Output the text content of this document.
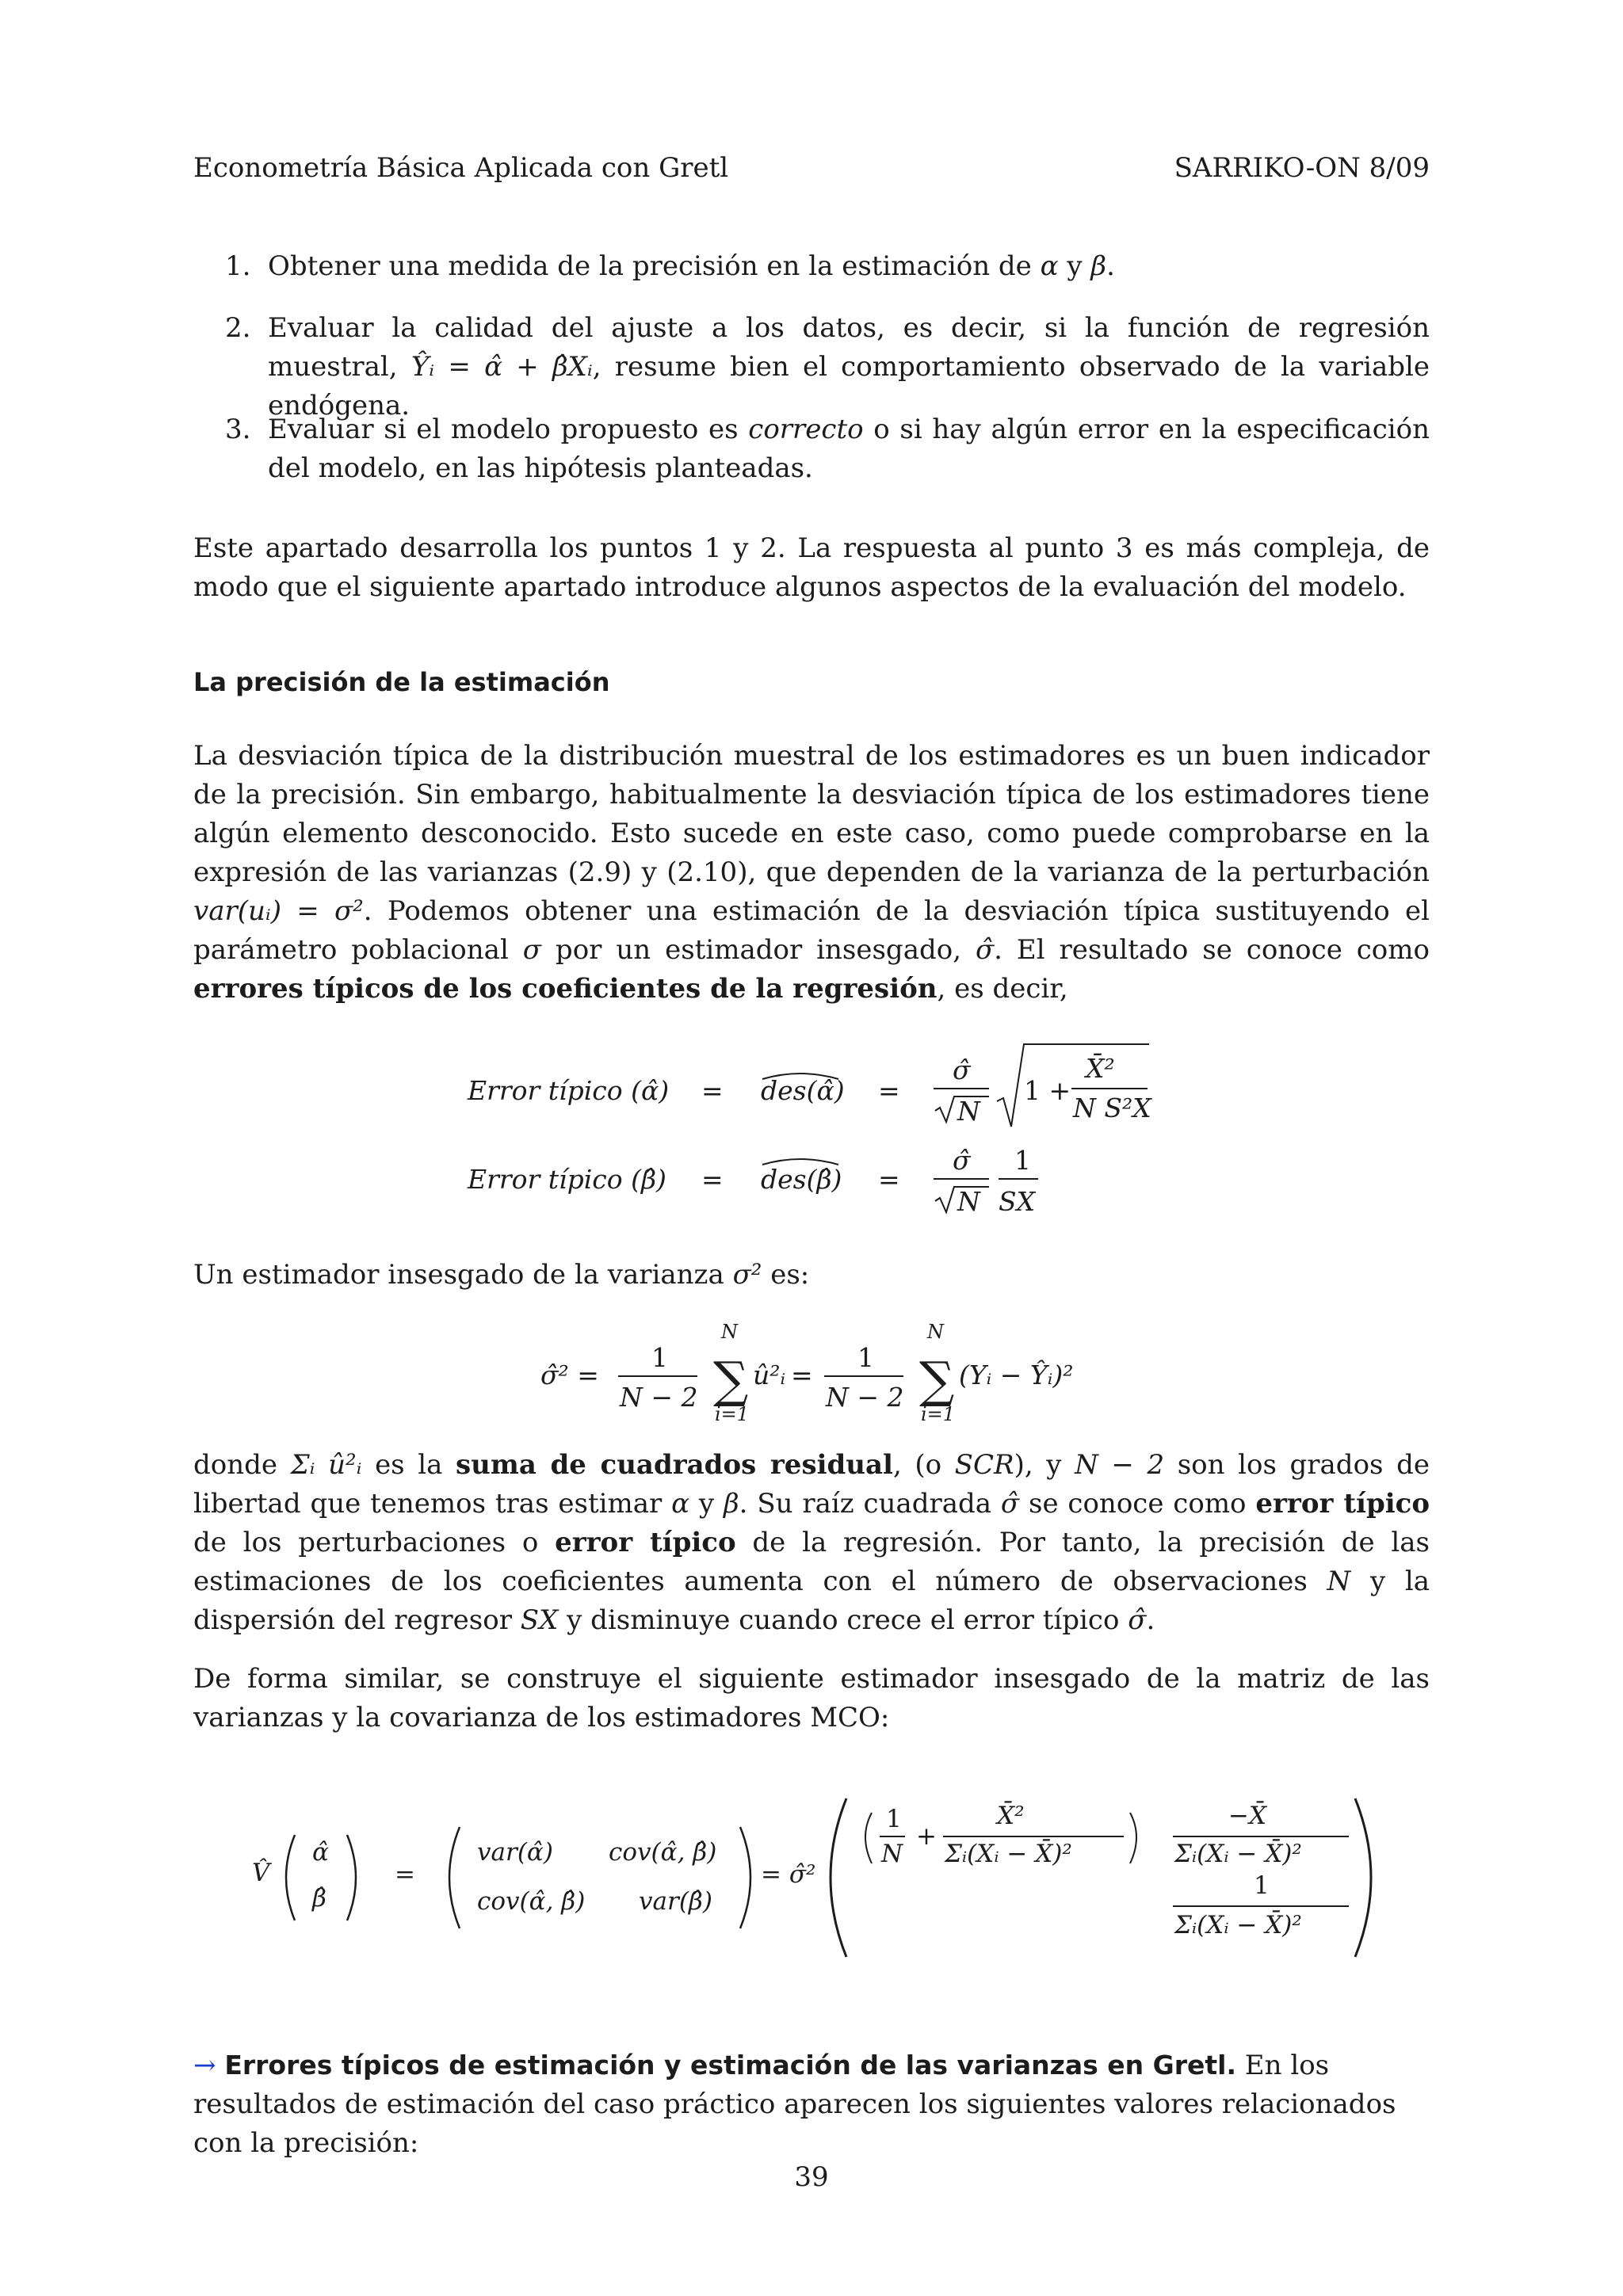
Econometría Básica Aplicada con Gretl	SARRIKO-ON 8/09
1. Obtener una medida de la precisión en la estimación de α y β.
2. Evaluar la calidad del ajuste a los datos, es decir, si la función de regresión muestral, Ŷᵢ = α̂ + β̂Xᵢ, resume bien el comportamiento observado de la variable endógena.
3. Evaluar si el modelo propuesto es correcto o si hay algún error en la especificación del modelo, en las hipótesis planteadas.
Este apartado desarrolla los puntos 1 y 2. La respuesta al punto 3 es más compleja, de modo que el siguiente apartado introduce algunos aspectos de la evaluación del modelo.
La precisión de la estimación
La desviación típica de la distribución muestral de los estimadores es un buen indicador de la precisión. Sin embargo, habitualmente la desviación típica de los estimadores tiene algún elemento desconocido. Esto sucede en este caso, como puede comprobarse en la expresión de las varianzas (2.9) y (2.10), que dependen de la varianza de la perturbación var(uᵢ) = σ². Podemos obtener una estimación de la desviación típica sustituyendo el parámetro poblacional σ por un estimador insesgado, σ̂. El resultado se conoce como errores típicos de los coeficientes de la regresión, es decir,
Error típico (α̂) = des(α̂) =
σ̂
N
1 +
X̄²
N S²X
Error típico (β̂) = des(β̂) =
σ̂
N
1
SX
Un estimador insesgado de la varianza σ² es:
σ̂² =
1
N − 2 ∑
N
i=1
û²ᵢ =
1
N − 2 ∑
N
i=1
(Yᵢ − Ŷᵢ)²
donde Σᵢ û²ᵢ es la suma de cuadrados residual, (o SCR), y N − 2 son los grados de libertad que tenemos tras estimar α y β. Su raíz cuadrada σ̂ se conoce como error típico de los perturbaciones o error típico de la regresión. Por tanto, la precisión de las estimaciones de los coeficientes aumenta con el número de observaciones N y la dispersión del regresor SX y disminuye cuando crece el error típico σ̂.
De forma similar, se construye el siguiente estimador insesgado de la matriz de las varianzas y la covarianza de los estimadores MCO:
V̂
α̂
β̂
=
var(α̂) cov(α̂, β̂)
cov(α̂, β̂) var(β̂)
= σ̂²
1
N
+
X̄²
Σᵢ(Xᵢ − X̄)²
−X̄
Σᵢ(Xᵢ − X̄)²
1
Σᵢ(Xᵢ − X̄)²
→ Errores típicos de estimación y estimación de las varianzas en Gretl. En los resultados de estimación del caso práctico aparecen los siguientes valores relacionados con la precisión:
39
